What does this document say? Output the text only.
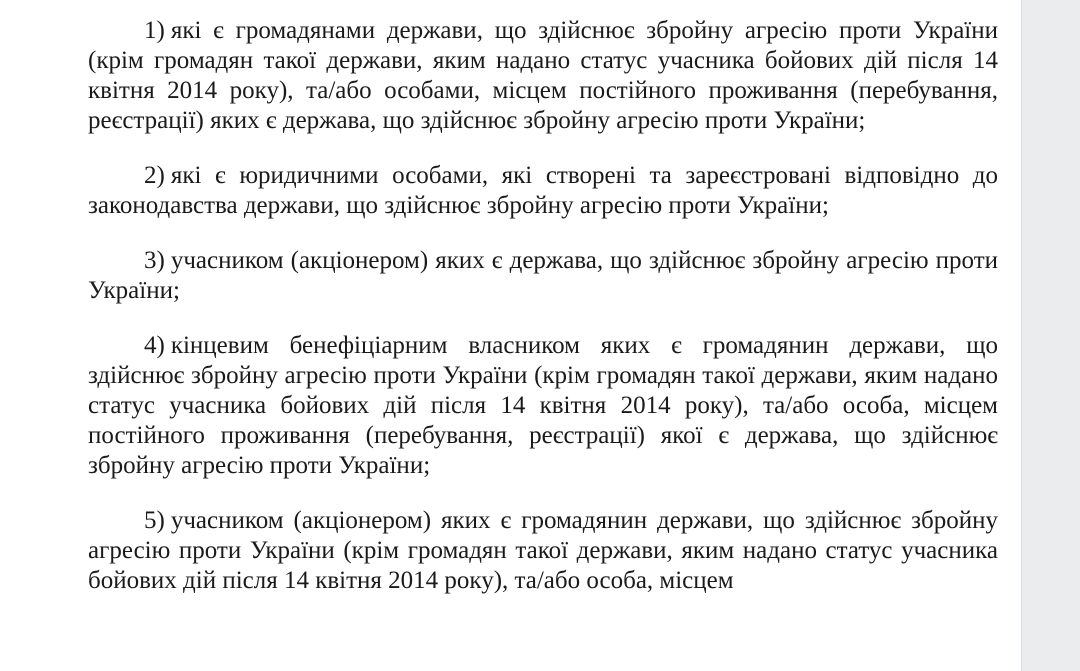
1) які є громадянами держави, що здійснює збройну агресію проти України (крім громадян такої держави, яким надано статус учасника бойових дій після 14 квітня 2014 року), та/або особами, місцем постійного проживання (перебування, реєстрації) яких є держава, що здійснює збройну агресію проти України;

2) які є юридичними особами, які створені та зареєстровані відповідно до законодавства держави, що здійснює збройну агресію проти України;

3) учасником (акціонером) яких є держава, що здійснює збройну агресію проти України;

4) кінцевим бенефіціарним власником яких є громадянин держави, що здійснює збройну агресію проти України (крім громадян такої держави, яким надано статус учасника бойових дій після 14 квітня 2014 року), та/або особа, місцем постійного проживання (перебування, реєстрації) якої є держава, що здійснює збройну агресію проти України;

5) учасником (акціонером) яких є громадянин держави, що здійснює збройну агресію проти України (крім громадян такої держави, яким надано статус учасника бойових дій після 14 квітня 2014 року), та/або особа, місцем
